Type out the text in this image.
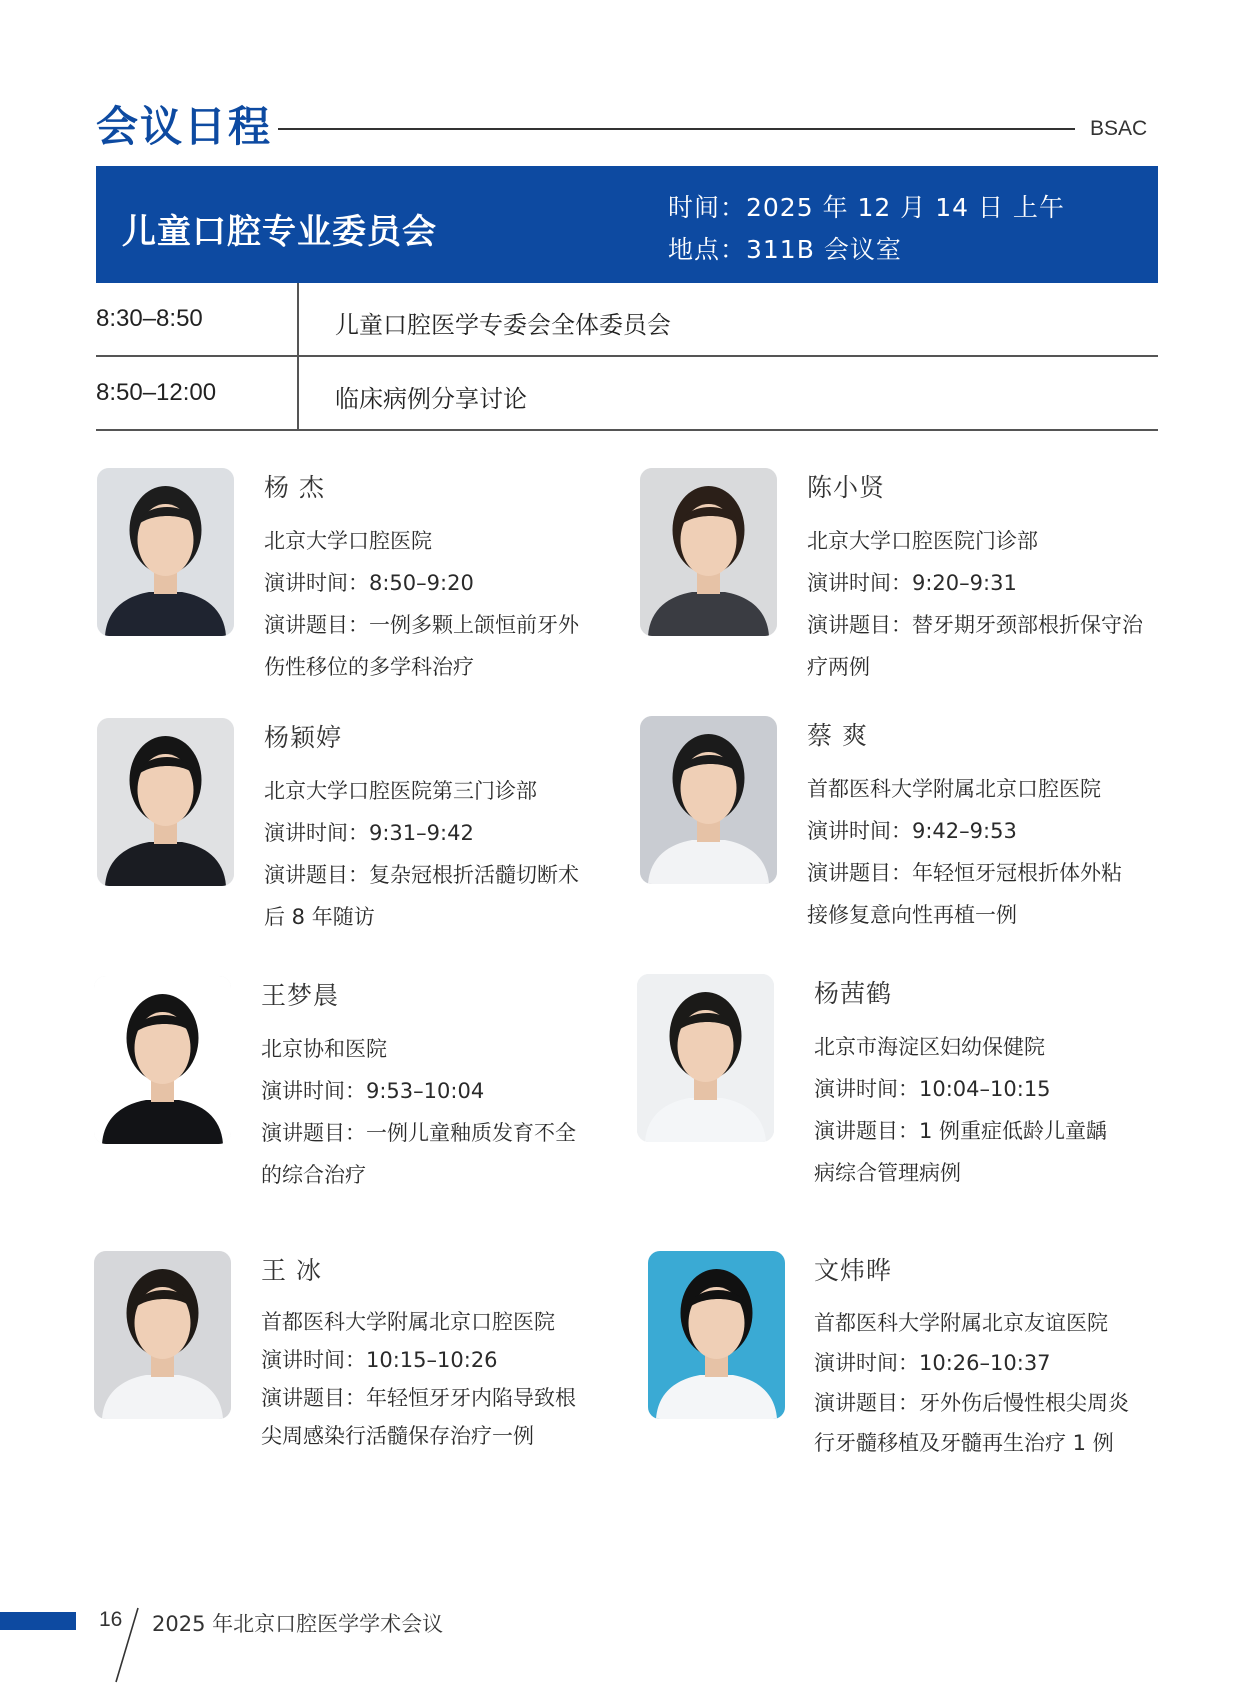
会议日程	BSAC
儿童口腔专业委员会
时间：2025 年 12 月 14 日 上午
地点：311B 会议室
8:30–8:50	儿童口腔医学专委会全体委员会
8:50–12:00	临床病例分享讨论
杨 杰
北京大学口腔医院
演讲时间：8:50–9:20
演讲题目：一例多颗上颌恒前牙外
伤性移位的多学科治疗
陈小贤
北京大学口腔医院门诊部
演讲时间：9:20–9:31
演讲题目：替牙期牙颈部根折保守治
疗两例
杨颖婷
北京大学口腔医院第三门诊部
演讲时间：9:31–9:42
演讲题目：复杂冠根折活髓切断术
后 8 年随访
蔡 爽
首都医科大学附属北京口腔医院
演讲时间：9:42–9:53
演讲题目：年轻恒牙冠根折体外粘
接修复意向性再植一例
王梦晨
北京协和医院
演讲时间：9:53–10:04
演讲题目：一例儿童釉质发育不全
的综合治疗
杨茜鹤
北京市海淀区妇幼保健院
演讲时间：10:04–10:15
演讲题目：1 例重症低龄儿童龋
病综合管理病例
王 冰
首都医科大学附属北京口腔医院
演讲时间：10:15–10:26
演讲题目：年轻恒牙牙内陷导致根
尖周感染行活髓保存治疗一例
文炜晔
首都医科大学附属北京友谊医院
演讲时间：10:26–10:37
演讲题目：牙外伤后慢性根尖周炎
行牙髓移植及牙髓再生治疗 1 例
16 2025 年北京口腔医学学术会议
